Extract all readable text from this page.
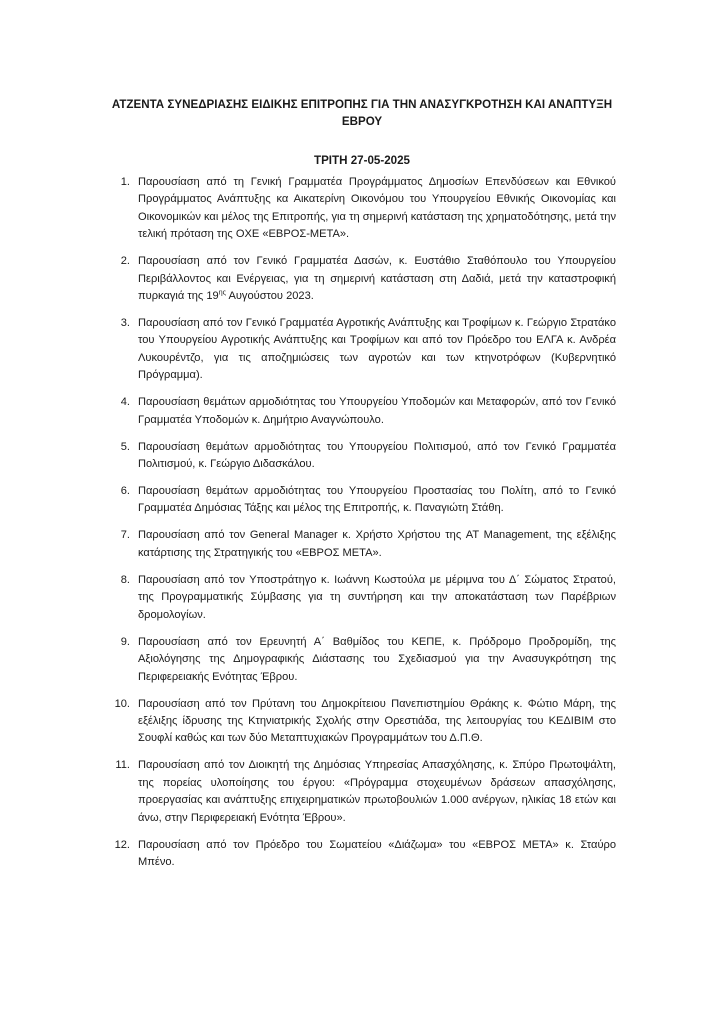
ΑΤΖΕΝΤΑ ΣΥΝΕΔΡΙΑΣΗΣ ΕΙΔΙΚΗΣ ΕΠΙΤΡΟΠΗΣ ΓΙΑ ΤΗΝ ΑΝΑΣΥΓΚΡΟΤΗΣΗ ΚΑΙ ΑΝΑΠΤΥΞΗ ΕΒΡΟΥ
ΤΡΙΤΗ 27-05-2025
1. Παρουσίαση από τη Γενική Γραμματέα Προγράμματος Δημοσίων Επενδύσεων και Εθνικού Προγράμματος Ανάπτυξης κα Αικατερίνη Οικονόμου του Υπουργείου Εθνικής Οικονομίας και Οικονομικών και μέλος της Επιτροπής, για τη σημερινή κατάσταση της χρηματοδότησης, μετά την τελική πρόταση της ΟΧΕ «ΕΒΡΟΣ-ΜΕΤΑ».
2. Παρουσίαση από τον Γενικό Γραμματέα Δασών, κ. Ευστάθιο Σταθόπουλο του Υπουργείου Περιβάλλοντος και Ενέργειας, για τη σημερινή κατάσταση στη Δαδιά, μετά την καταστροφική πυρκαγιά της $19^{\eta\varsigma}$ Αυγούστου 2023.
3. Παρουσίαση από τον Γενικό Γραμματέα Αγροτικής Ανάπτυξης και Τροφίμων κ. Γεώργιο Στρατάκο του Υπουργείου Αγροτικής Ανάπτυξης και Τροφίμων και από τον Πρόεδρο του ΕΛΓΑ κ. Ανδρέα Λυκουρέντζο, για τις αποζημιώσεις των αγροτών και των κτηνοτρόφων (Κυβερνητικό Πρόγραμμα).
4. Παρουσίαση θεμάτων αρμοδιότητας του Υπουργείου Υποδομών και Μεταφορών, από τον Γενικό Γραμματέα Υποδομών κ. Δημήτριο Αναγνώπουλο.
5. Παρουσίαση θεμάτων αρμοδιότητας του Υπουργείου Πολιτισμού, από τον Γενικό Γραμματέα Πολιτισμού, κ. Γεώργιο Διδασκάλου.
6. Παρουσίαση θεμάτων αρμοδιότητας του Υπουργείου Προστασίας του Πολίτη, από το Γενικό Γραμματέα Δημόσιας Τάξης και μέλος της Επιτροπής, κ. Παναγιώτη Στάθη.
7. Παρουσίαση από τον General Manager κ. Χρήστο Χρήστου της AT Management, της εξέλιξης κατάρτισης της Στρατηγικής του «ΕΒΡΟΣ ΜΕΤΑ».
8. Παρουσίαση από τον Υποστράτηγο κ. Ιωάννη Κωστούλα με μέριμνα του Δ΄ Σώματος Στρατού, της Προγραμματικής Σύμβασης για τη συντήρηση και την αποκατάσταση των Παρέβριων δρομολογίων.
9. Παρουσίαση από τον Ερευνητή Α΄ Βαθμίδος του ΚΕΠΕ, κ. Πρόδρομο Προδρομίδη, της Αξιολόγησης της Δημογραφικής Διάστασης του Σχεδιασμού για την Ανασυγκρότηση της Περιφερειακής Ενότητας Έβρου.
10. Παρουσίαση από τον Πρύτανη του Δημοκρίτειου Πανεπιστημίου Θράκης κ. Φώτιο Μάρη, της εξέλιξης ίδρυσης της Κτηνιατρικής Σχολής στην Ορεστιάδα, της λειτουργίας του ΚΕΔΙΒΙΜ στο Σουφλί καθώς και των δύο Μεταπτυχιακών Προγραμμάτων του Δ.Π.Θ.
11. Παρουσίαση από τον Διοικητή της Δημόσιας Υπηρεσίας Απασχόλησης, κ. Σπύρο Πρωτοψάλτη, της πορείας υλοποίησης του έργου: «Πρόγραμμα στοχευμένων δράσεων απασχόλησης, προεργασίας και ανάπτυξης επιχειρηματικών πρωτοβουλιών 1.000 ανέργων, ηλικίας 18 ετών και άνω, στην Περιφερειακή Ενότητα Έβρου».
12. Παρουσίαση από τον Πρόεδρο του Σωματείου «Διάζωμα» του «ΕΒΡΟΣ ΜΕΤΑ» κ. Σταύρο Μπένο.
